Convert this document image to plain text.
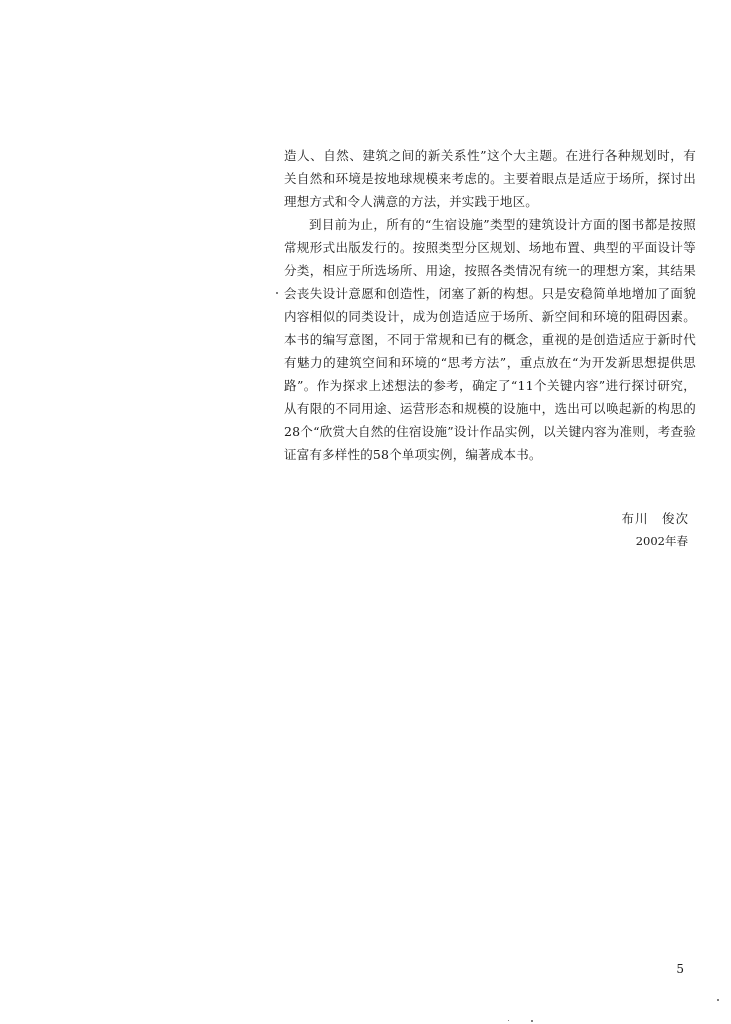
造人、自然、建筑之间的新关系性”这个大主题。在进行各种规划时，有关自然和环境是按地球规模来考虑的。主要着眼点是适应于场所，探讨出理想方式和令人满意的方法，并实践于地区。

到目前为止，所有的“生宿设施”类型的建筑设计方面的图书都是按照常规形式出版发行的。按照类型分区规划、场地布置、典型的平面设计等分类，相应于所选场所、用途，按照各类情况有统一的理想方案，其结果会丧失设计意愿和创造性，闭塞了新的构想。只是安稳简单地增加了面貌内容相似的同类设计，成为创造适应于场所、新空间和环境的阻碍因素。本书的编写意图，不同于常规和已有的概念，重视的是创造适应于新时代有魅力的建筑空间和环境的“思考方法”，重点放在“为开发新思想提供思路”。作为探求上述想法的参考，确定了“11个关键内容”进行探讨研究，从有限的不同用途、运营形态和规模的设施中，选出可以唤起新的构思的28个“欣赏大自然的住宿设施”设计作品实例，以关键内容为准则，考查验证富有多样性的58个单项实例，编著成本书。

布川　俊次
2002年春
5
